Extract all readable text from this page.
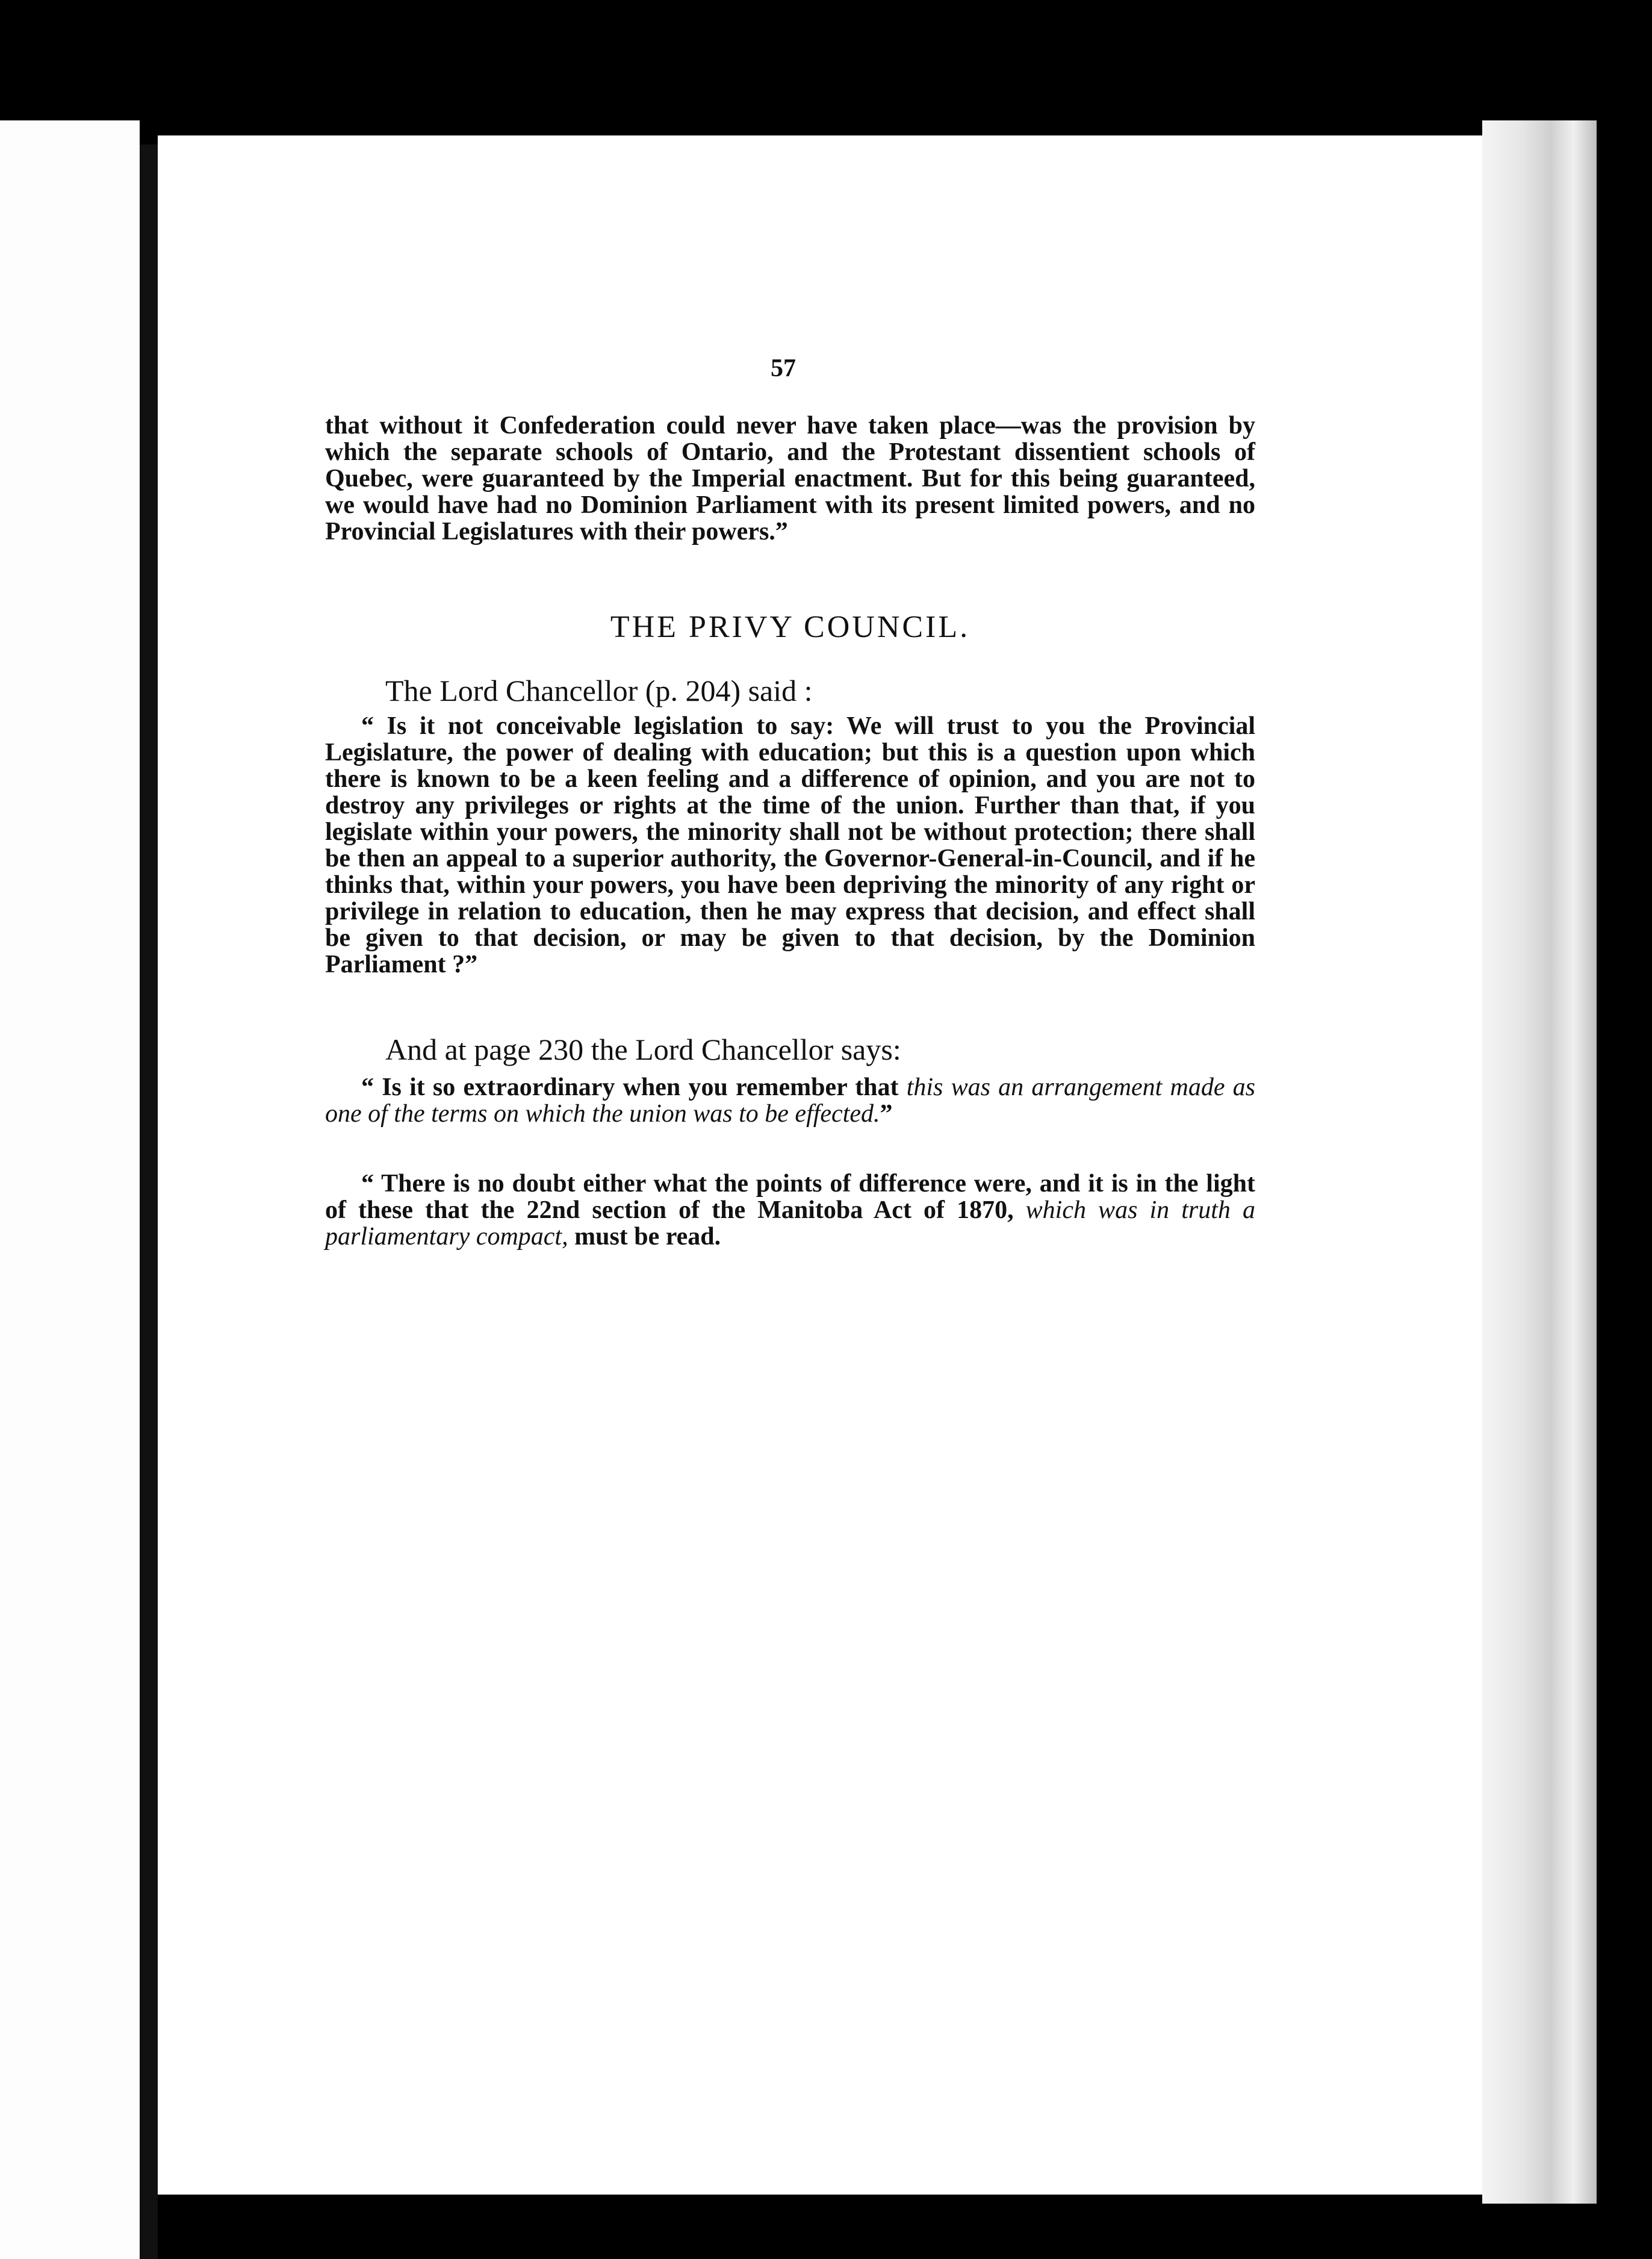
57

that without it Confederation could never have taken place—was the provision by which the separate schools of Ontario, and the Protestant dissentient schools of Quebec, were guaranteed by the Imperial enactment. But for this being guaranteed, we would have had no Dominion Parliament with its present limited powers, and no Provincial Legislatures with their powers.”

THE PRIVY COUNCIL.

The Lord Chancellor (p. 204) said :

“ Is it not conceivable legislation to say: We will trust to you the Provincial Legislature, the power of dealing with education; but this is a question upon which there is known to be a keen feeling and a difference of opinion, and you are not to destroy any privileges or rights at the time of the union. Further than that, if you legislate within your powers, the minority shall not be without protection; there shall be then an appeal to a superior authority, the Governor-General-in-Council, and if he thinks that, within your powers, you have been depriving the minority of any right or privilege in relation to education, then he may express that decision, and effect shall be given to that decision, or may be given to that decision, by the Dominion Parliament ?”

And at page 230 the Lord Chancellor says:

“ Is it so extraordinary when you remember that this was an arrangement made as one of the terms on which the union was to be effected.”

“ There is no doubt either what the points of difference were, and it is in the light of these that the 22nd section of the Manitoba Act of 1870, which was in truth a parliamentary compact, must be read.
